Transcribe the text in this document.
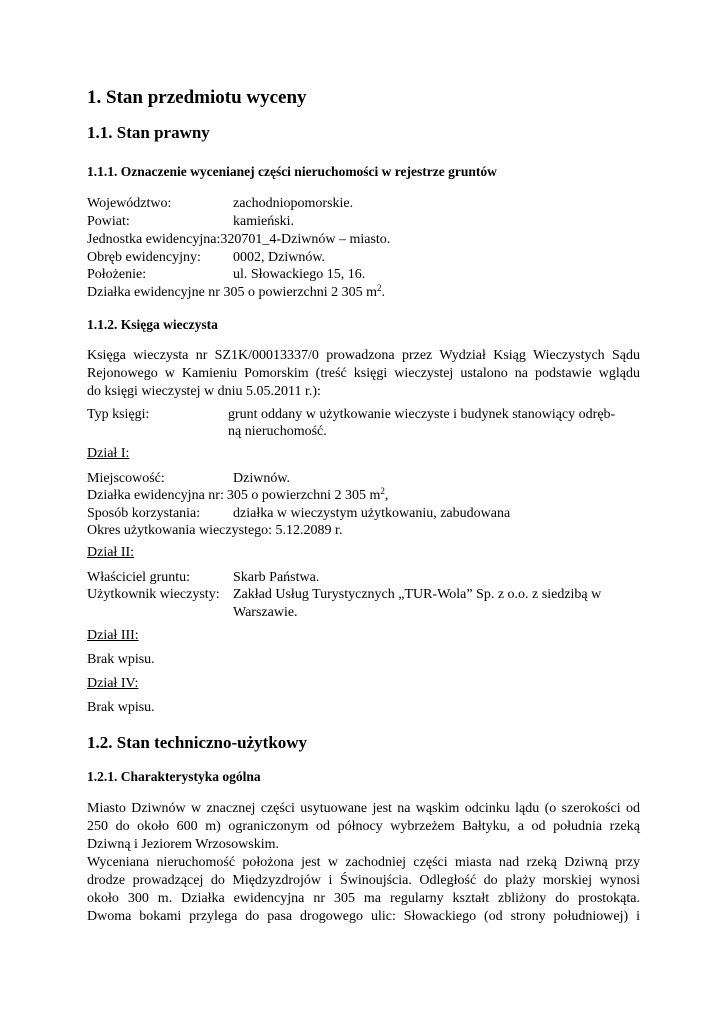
1. Stan przedmiotu wyceny
1.1. Stan prawny
1.1.1. Oznaczenie wycenianej części nieruchomości w rejestrze gruntów
Województwo:	zachodniopomorskie.
Powiat:	kamieński.
Jednostka ewidencyjna: 320701_4-Dziwnów – miasto.
Obręb ewidencyjny:	0002, Dziwnów.
Położenie:	ul. Słowackiego 15, 16.
Działka ewidencyjne nr 305 o powierzchni 2 305 $m^2$.
1.1.2. Księga wieczysta
Księga wieczysta nr SZ1K/00013337/0 prowadzona przez Wydział Ksiąg Wieczystych Sądu
Rejonowego w Kamieniu Pomorskim (treść księgi wieczystej ustalono na podstawie wglądu
do księgi wieczystej w dniu 5.05.2011 r.):
Typ księgi:	grunt oddany w użytkowanie wieczyste i budynek stanowiący odręb-
ną nieruchomość.
Dział I:
Miejscowość:	Dziwnów.
Działka ewidencyjna nr: 305 o powierzchni 2 305 $m^2$,
Sposób korzystania:	działka w wieczystym użytkowaniu, zabudowana
Okres użytkowania wieczystego: 5.12.2089 r.
Dział II:
Właściciel gruntu:	Skarb Państwa.
Użytkownik wieczysty: Zakład Usług Turystycznych „TUR-Wola” Sp. z o.o. z siedzibą w
Warszawie.
Dział III:
Brak wpisu.
Dział IV:
Brak wpisu.
1.2. Stan techniczno-użytkowy
1.2.1. Charakterystyka ogólna
Miasto Dziwnów w znacznej części usytuowane jest na wąskim odcinku lądu (o szerokości od
250 do około 600 m) ograniczonym od północy wybrzeżem Bałtyku, a od południa rzeką
Dziwną i Jeziorem Wrzosowskim.
Wyceniana nieruchomość położona jest w zachodniej części miasta nad rzeką Dziwną przy
drodze prowadzącej do Międzyzdrojów i Świnoujścia. Odległość do plaży morskiej wynosi
około 300 m. Działka ewidencyjna nr 305 ma regularny kształt zbliżony do prostokąta.
Dwoma bokami przylega do pasa drogowego ulic: Słowackiego (od strony południowej) i
